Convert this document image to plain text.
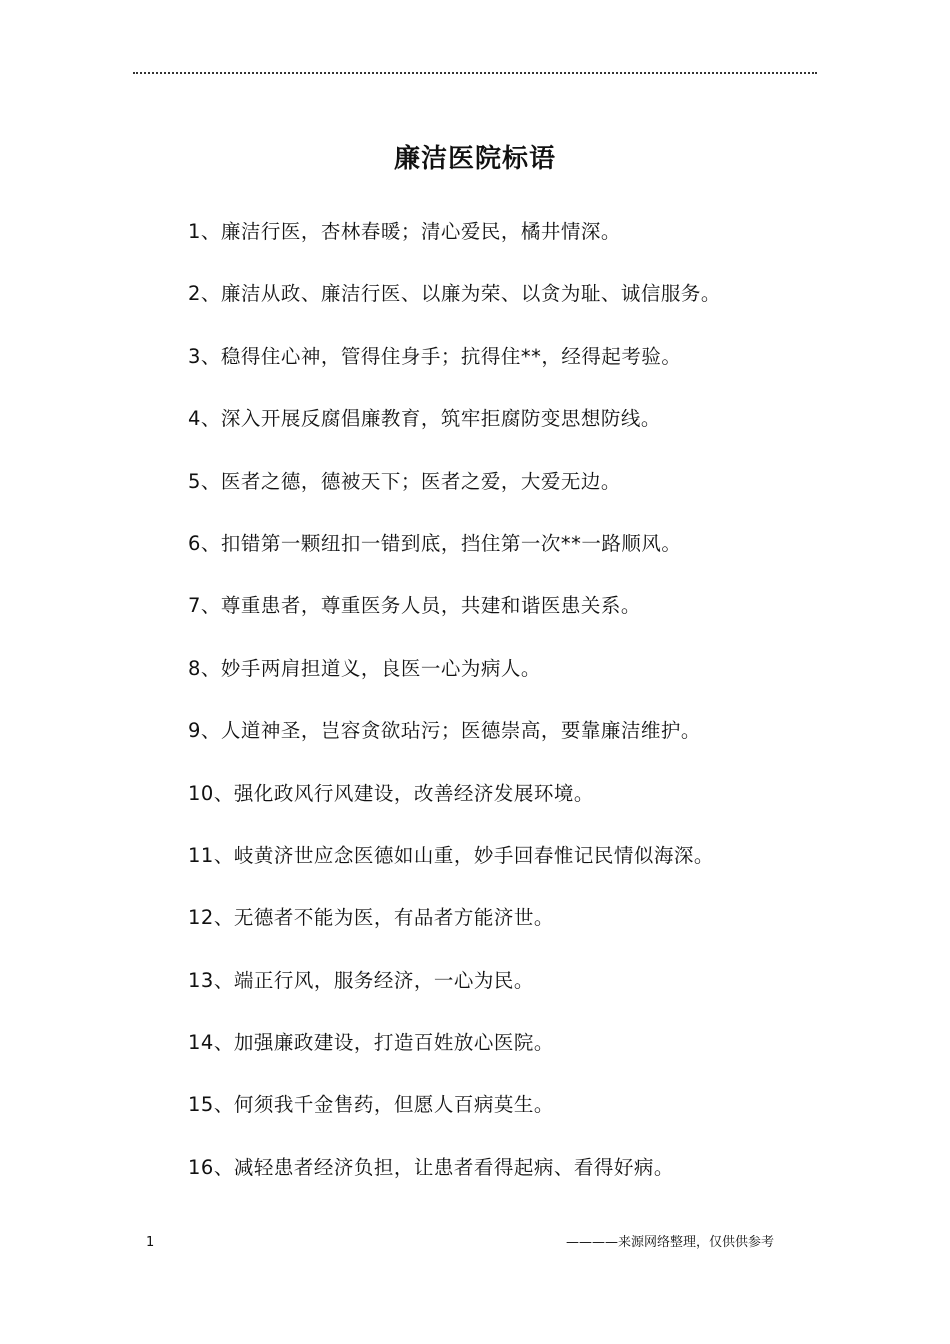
廉洁医院标语
1、廉洁行医，杏林春暖；清心爱民，橘井情深。
2、廉洁从政、廉洁行医、以廉为荣、以贪为耻、诚信服务。
3、稳得住心神，管得住身手；抗得住**，经得起考验。
4、深入开展反腐倡廉教育，筑牢拒腐防变思想防线。
5、医者之德，德被天下；医者之爱，大爱无边。
6、扣错第一颗纽扣一错到底，挡住第一次**一路顺风。
7、尊重患者，尊重医务人员，共建和谐医患关系。
8、妙手两肩担道义，良医一心为病人。
9、人道神圣，岂容贪欲玷污；医德崇高，要靠廉洁维护。
10、强化政风行风建设，改善经济发展环境。
11、岐黄济世应念医德如山重，妙手回春惟记民情似海深。
12、无德者不能为医，有品者方能济世。
13、端正行风，服务经济，一心为民。
14、加强廉政建设，打造百姓放心医院。
15、何须我千金售药，但愿人百病莫生。
16、减轻患者经济负担，让患者看得起病、看得好病。
1	————来源网络整理，仅供供参考
